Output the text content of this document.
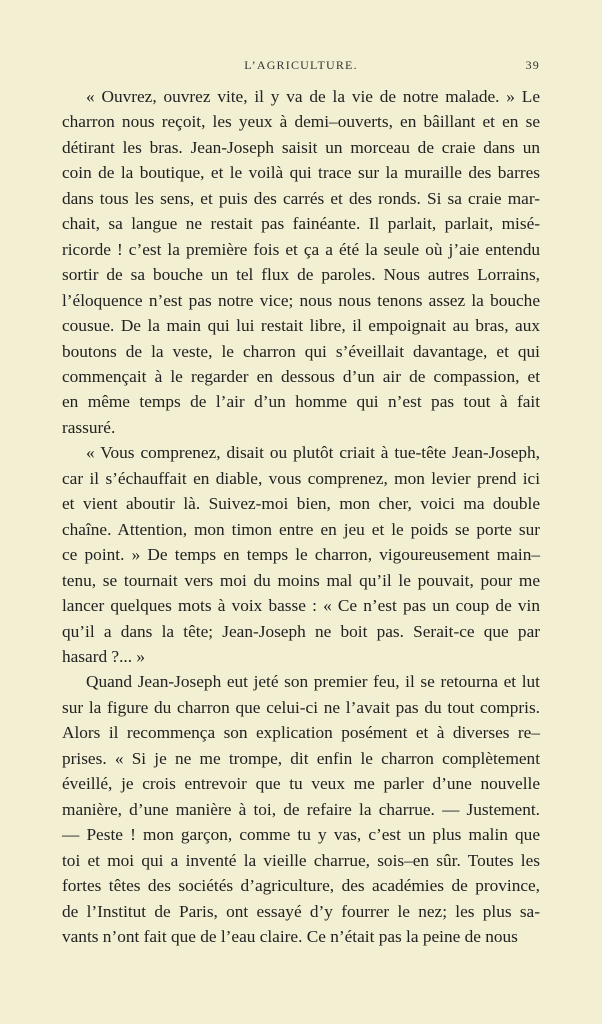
L’AGRICULTURE.	39
« Ouvrez, ouvrez vite, il y va de la vie de notre malade. » Le
charron nous reçoit, les yeux à demi–ouverts, en bâillant et en se
détirant les bras. Jean-Joseph saisit un morceau de craie dans un
coin de la boutique, et le voilà qui trace sur la muraille des barres
dans tous les sens, et puis des carrés et des ronds. Si sa craie mar-
chait, sa langue ne restait pas fainéante. Il parlait, parlait, misé-
ricorde ! c’est la première fois et ça a été la seule où j’aie entendu
sortir de sa bouche un tel flux de paroles. Nous autres Lorrains,
l’éloquence n’est pas notre vice; nous nous tenons assez la bouche
cousue. De la main qui lui restait libre, il empoignait au bras, aux
boutons de la veste, le charron qui s’éveillait davantage, et qui
commençait à le regarder en dessous d’un air de compassion, et
en même temps de l’air d’un homme qui n’est pas tout à fait
rassuré.
« Vous comprenez, disait ou plutôt criait à tue-tête Jean-Joseph,
car il s’échauffait en diable, vous comprenez, mon levier prend ici
et vient aboutir là. Suivez-moi bien, mon cher, voici ma double
chaîne. Attention, mon timon entre en jeu et le poids se porte sur
ce point. » De temps en temps le charron, vigoureusement main–
tenu, se tournait vers moi du moins mal qu’il le pouvait, pour me
lancer quelques mots à voix basse : « Ce n’est pas un coup de vin
qu’il a dans la tête; Jean-Joseph ne boit pas. Serait-ce que par
hasard ?... »
Quand Jean-Joseph eut jeté son premier feu, il se retourna et lut
sur la figure du charron que celui-ci ne l’avait pas du tout compris.
Alors il recommença son explication posément et à diverses re–
prises. « Si je ne me trompe, dit enfin le charron complètement
éveillé, je crois entrevoir que tu veux me parler d’une nouvelle
manière, d’une manière à toi, de refaire la charrue. — Justement.
— Peste ! mon garçon, comme tu y vas, c’est un plus malin que
toi et moi qui a inventé la vieille charrue, sois–en sûr. Toutes les
fortes têtes des sociétés d’agriculture, des académies de province,
de l’Institut de Paris, ont essayé d’y fourrer le nez; les plus sa-
vants n’ont fait que de l’eau claire. Ce n’était pas la peine de nous
